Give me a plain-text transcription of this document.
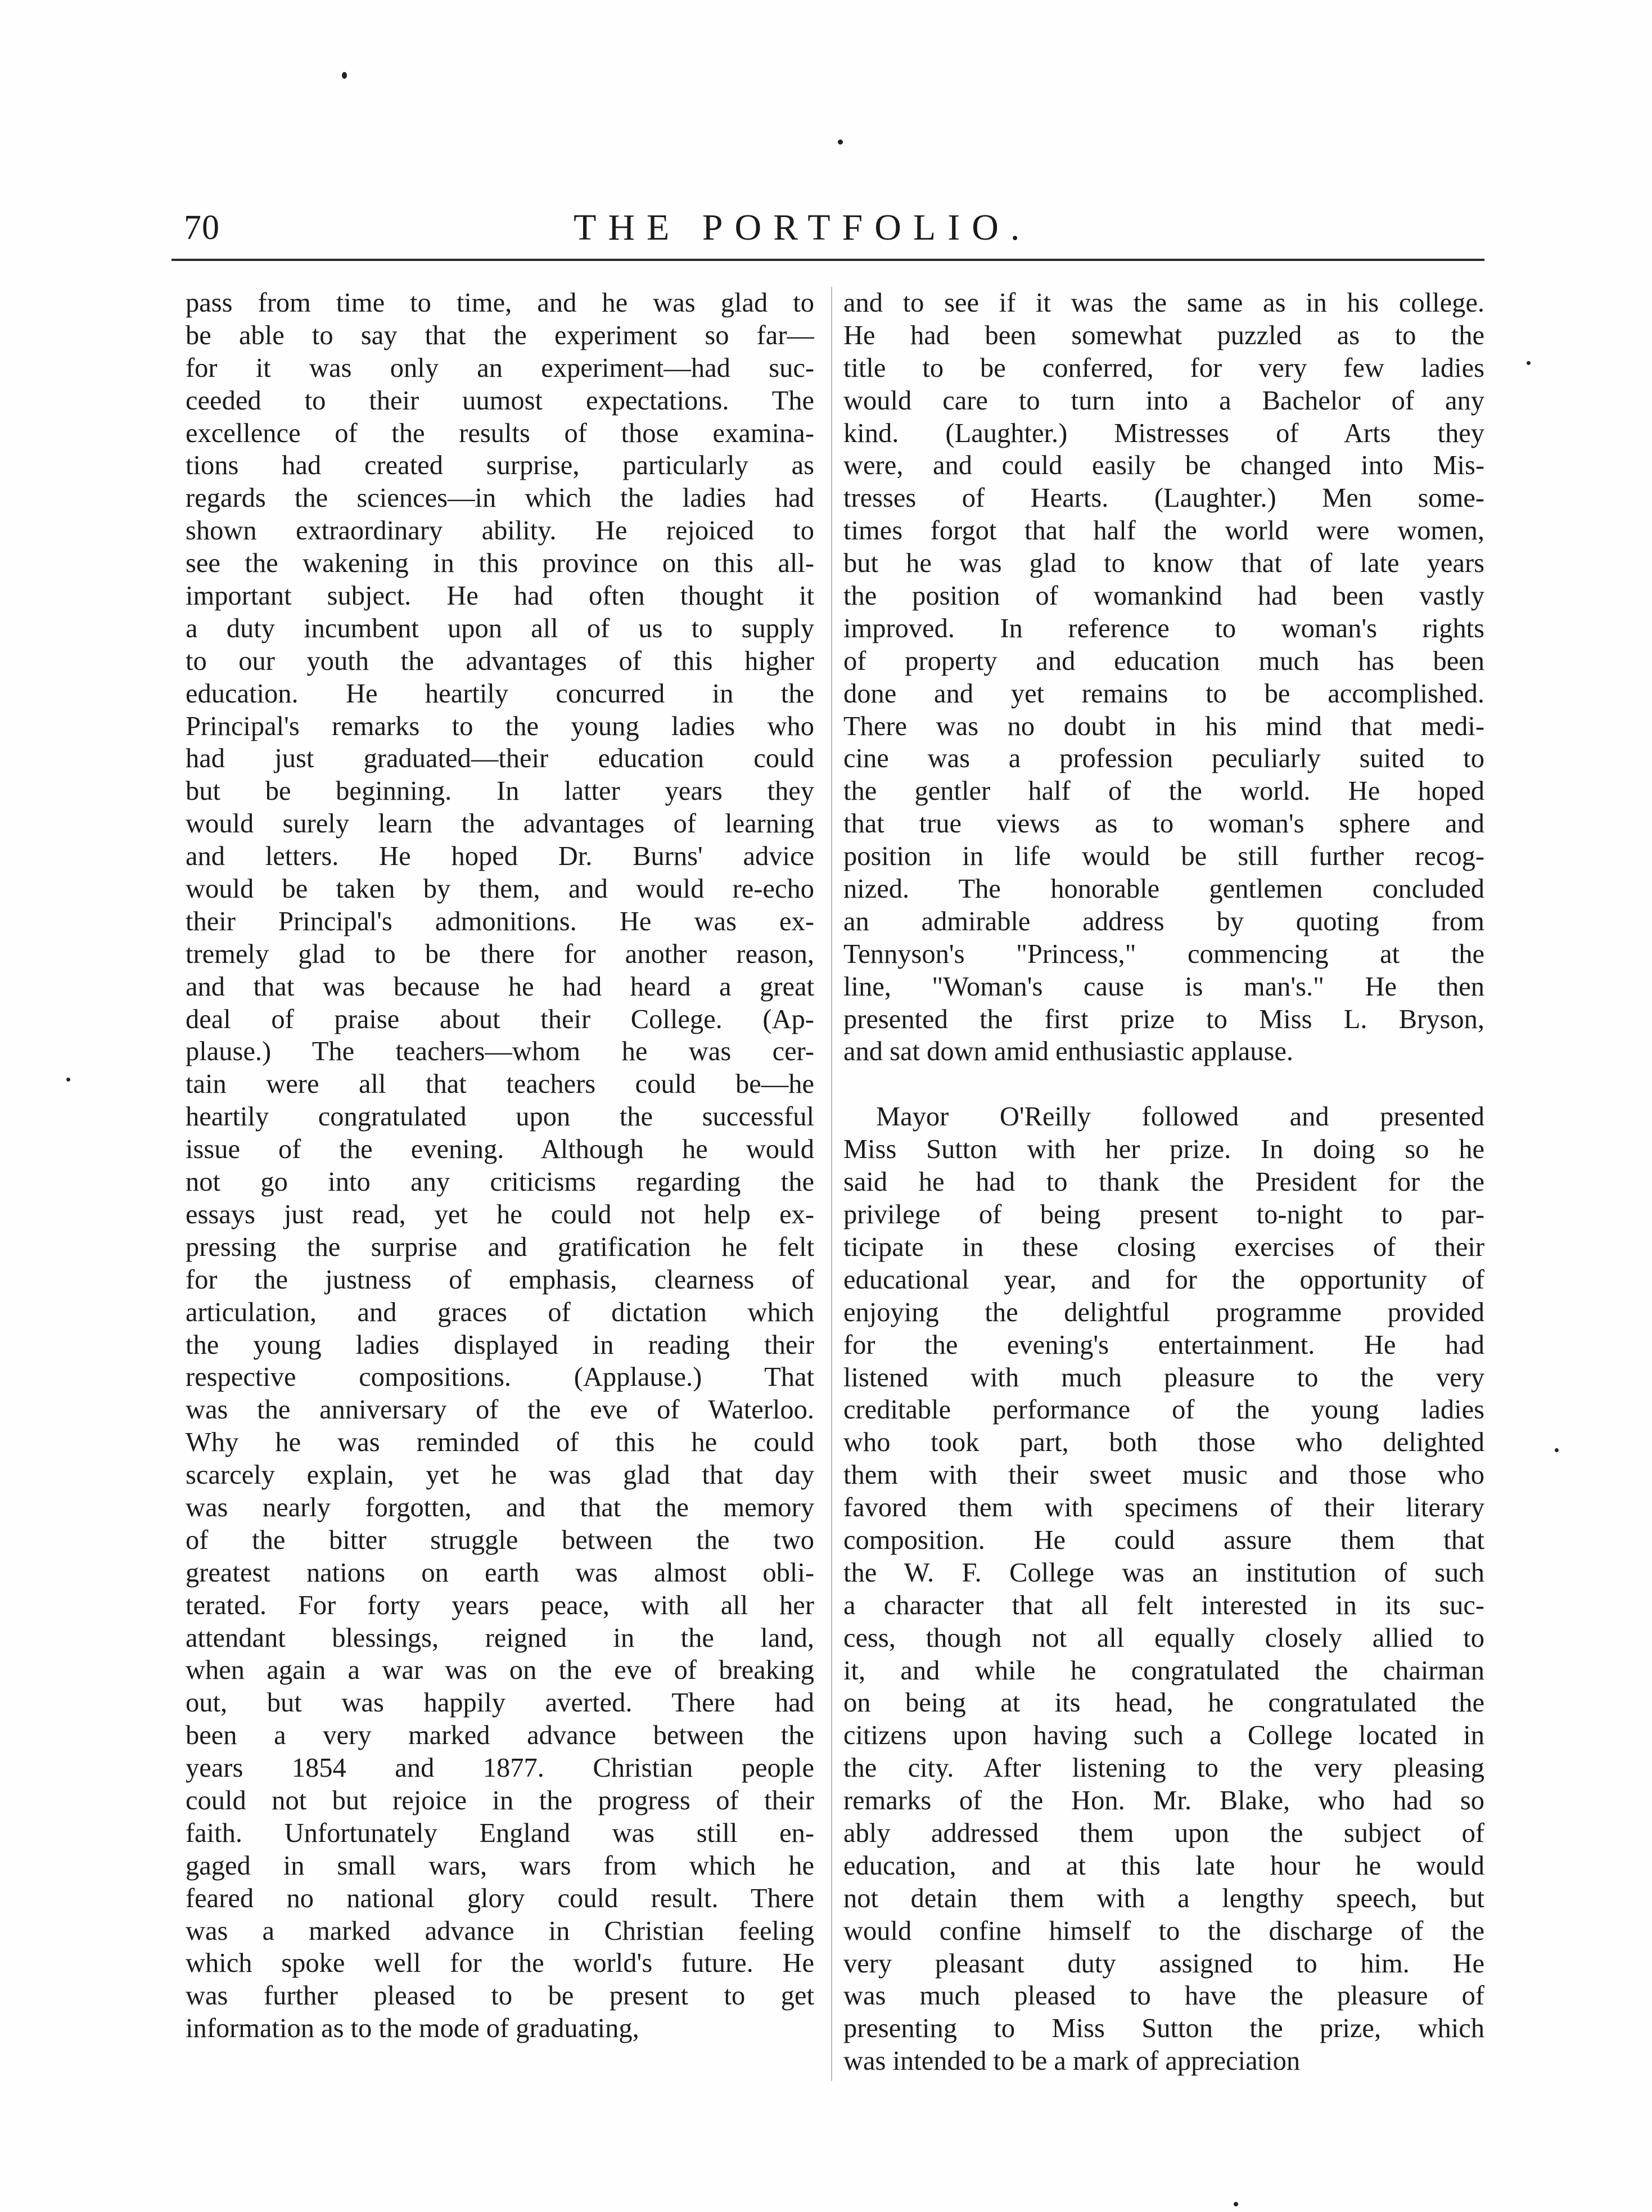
70	THE PORTFOLIO.
pass from time to time, and he was glad to
be able to say that the experiment so far—
for it was only an experiment—had suc-
ceeded to their uumost expectations. The
excellence of the results of those examina-
tions had created surprise, particularly as
regards the sciences—in which the ladies had
shown extraordinary ability. He rejoiced to
see the wakening in this province on this all-
important subject. He had often thought it
a duty incumbent upon all of us to supply
to our youth the advantages of this higher
education. He heartily concurred in the
Principal's remarks to the young ladies who
had just graduated—their education could
but be beginning. In latter years they
would surely learn the advantages of learning
and letters. He hoped Dr. Burns' advice
would be taken by them, and would re-echo
their Principal's admonitions. He was ex-
tremely glad to be there for another reason,
and that was because he had heard a great
deal of praise about their College. (Ap-
plause.) The teachers—whom he was cer-
tain were all that teachers could be—he
heartily congratulated upon the successful
issue of the evening. Although he would
not go into any criticisms regarding the
essays just read, yet he could not help ex-
pressing the surprise and gratification he felt
for the justness of emphasis, clearness of
articulation, and graces of dictation which
the young ladies displayed in reading their
respective compositions. (Applause.) That
was the anniversary of the eve of Waterloo.
Why he was reminded of this he could
scarcely explain, yet he was glad that day
was nearly forgotten, and that the memory
of the bitter struggle between the two
greatest nations on earth was almost obli-
terated. For forty years peace, with all her
attendant blessings, reigned in the land,
when again a war was on the eve of breaking
out, but was happily averted. There had
been a very marked advance between the
years 1854 and 1877. Christian people
could not but rejoice in the progress of their
faith. Unfortunately England was still en-
gaged in small wars, wars from which he
feared no national glory could result. There
was a marked advance in Christian feeling
which spoke well for the world's future. He
was further pleased to be present to get
information as to the mode of graduating,
and to see if it was the same as in his college.
He had been somewhat puzzled as to the
title to be conferred, for very few ladies
would care to turn into a Bachelor of any
kind. (Laughter.) Mistresses of Arts they
were, and could easily be changed into Mis-
tresses of Hearts. (Laughter.) Men some-
times forgot that half the world were women,
but he was glad to know that of late years
the position of womankind had been vastly
improved. In reference to woman's rights
of property and education much has been
done and yet remains to be accomplished.
There was no doubt in his mind that medi-
cine was a profession peculiarly suited to
the gentler half of the world. He hoped
that true views as to woman's sphere and
position in life would be still further recog-
nized. The honorable gentlemen concluded
an admirable address by quoting from
Tennyson's "Princess," commencing at the
line, "Woman's cause is man's." He then
presented the first prize to Miss L. Bryson,
and sat down amid enthusiastic applause.
Mayor O'Reilly followed and presented
Miss Sutton with her prize. In doing so he
said he had to thank the President for the
privilege of being present to-night to par-
ticipate in these closing exercises of their
educational year, and for the opportunity of
enjoying the delightful programme provided
for the evening's entertainment. He had
listened with much pleasure to the very
creditable performance of the young ladies
who took part, both those who delighted
them with their sweet music and those who
favored them with specimens of their literary
composition. He could assure them that
the W. F. College was an institution of such
a character that all felt interested in its suc-
cess, though not all equally closely allied to
it, and while he congratulated the chairman
on being at its head, he congratulated the
citizens upon having such a College located in
the city. After listening to the very pleasing
remarks of the Hon. Mr. Blake, who had so
ably addressed them upon the subject of
education, and at this late hour he would
not detain them with a lengthy speech, but
would confine himself to the discharge of the
very pleasant duty assigned to him. He
was much pleased to have the pleasure of
presenting to Miss Sutton the prize, which
was intended to be a mark of appreciation
